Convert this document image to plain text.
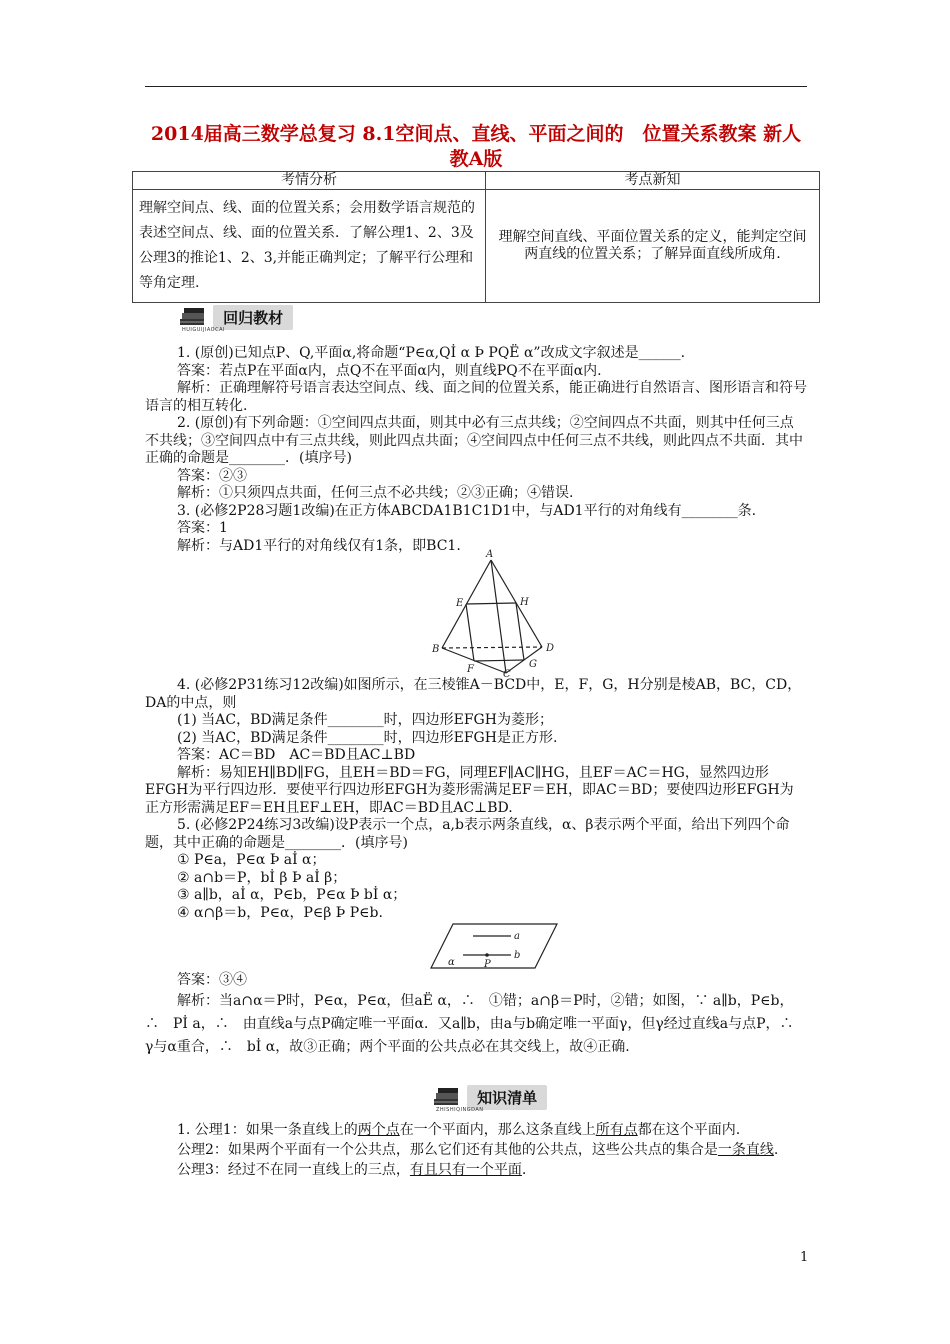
2014届高三数学总复习 8.1空间点、直线、平面之间的　位置关系教案 新人教A版
考情分析	考点新知
理解空间点、线、面的位置关系；会用数学语言规范的表述空间点、线、面的位置关系．了解公理1、2、3及公理3的推论1、2、3,并能正确判定；了解平行公理和等角定理.	理解空间直线、平面位置关系的定义，能判定空间两直线的位置关系；了解异面直线所成角.
回归教材
HUIGUIJIAOCAI

1. (原创)已知点P、Q,平面α,将命题“P∈α,Qİ α Þ PQË α”改成文字叙述是______.

答案：若点P在平面α内，点Q不在平面α内，则直线PQ不在平面α内.

解析：正确理解符号语言表达空间点、线、面之间的位置关系，能正确进行自然语言、图形语言和符号语言的相互转化.

2. (原创)有下列命题：①空间四点共面，则其中必有三点共线；②空间四点不共面，则其中任何三点不共线；③空间四点中有三点共线，则此四点共面；④空间四点中任何三点不共线，则此四点不共面．其中正确的命题是________．(填序号)

答案：②③

解析：①只须四点共面，任何三点不必共线；②③正确；④错误.

3. (必修2P28习题1改编)在正方体ABCDA1B1C1D1中，与AD1平行的对角线有________条.

答案：1

解析：与AD1平行的对角线仅有1条，即BC1.

A
B
C
D
E
F	G
H

4. (必修2P31练习12改编)如图所示，在三棱锥A－BCD中，E，F，G，H分别是棱AB，BC，CD，DA的中点，则

(1) 当AC，BD满足条件________时，四边形EFGH为菱形；

(2) 当AC，BD满足条件________时，四边形EFGH是正方形.

答案：AC＝BD　AC＝BD且AC⊥BD

解析：易知EH∥BD∥FG，且EH＝BD＝FG，同理EF∥AC∥HG，且EF＝AC＝HG，显然四边形EFGH为平行四边形．要使平行四边形EFGH为菱形需满足EF＝EH，即AC＝BD；要使四边形EFGH为正方形需满足EF＝EH且EF⊥EH，即AC＝BD且AC⊥BD.

5. (必修2P24练习3改编)设P表示一个点，a,b表示两条直线，α、β表示两个平面，给出下列四个命题，其中正确的命题是________．(填序号)

① P∈a，P∈α Þ aİ α；

② a∩b＝P，bİ β Þ aİ β；

③ a∥b，aİ α，P∈b，P∈α Þ bİ α；

④ α∩β＝b，P∈α，P∈β Þ P∈b.

a
α	P
b

答案：③④

解析：当a∩α＝P时，P∈α，P∈α，但aË α，∴　①错；a∩β＝P时，②错；如图，∵ a∥b，P∈b，∴　Pİ a，∴　由直线a与点P确定唯一平面α．又a∥b，由a与b确定唯一平面γ，但γ经过直线a与点P，∴　γ与α重合，∴　bİ α，故③正确；两个平面的公共点必在其交线上，故④正确.

知识清单
ZHISHIQINGDAN

1. 公理1：如果一条直线上的两个点在一个平面内，那么这条直线上所有点都在这个平面内.

公理2：如果两个平面有一个公共点，那么它们还有其他的公共点，这些公共点的集合是一条直线.

公理3：经过不在同一直线上的三点，有且只有一个平面.

1
